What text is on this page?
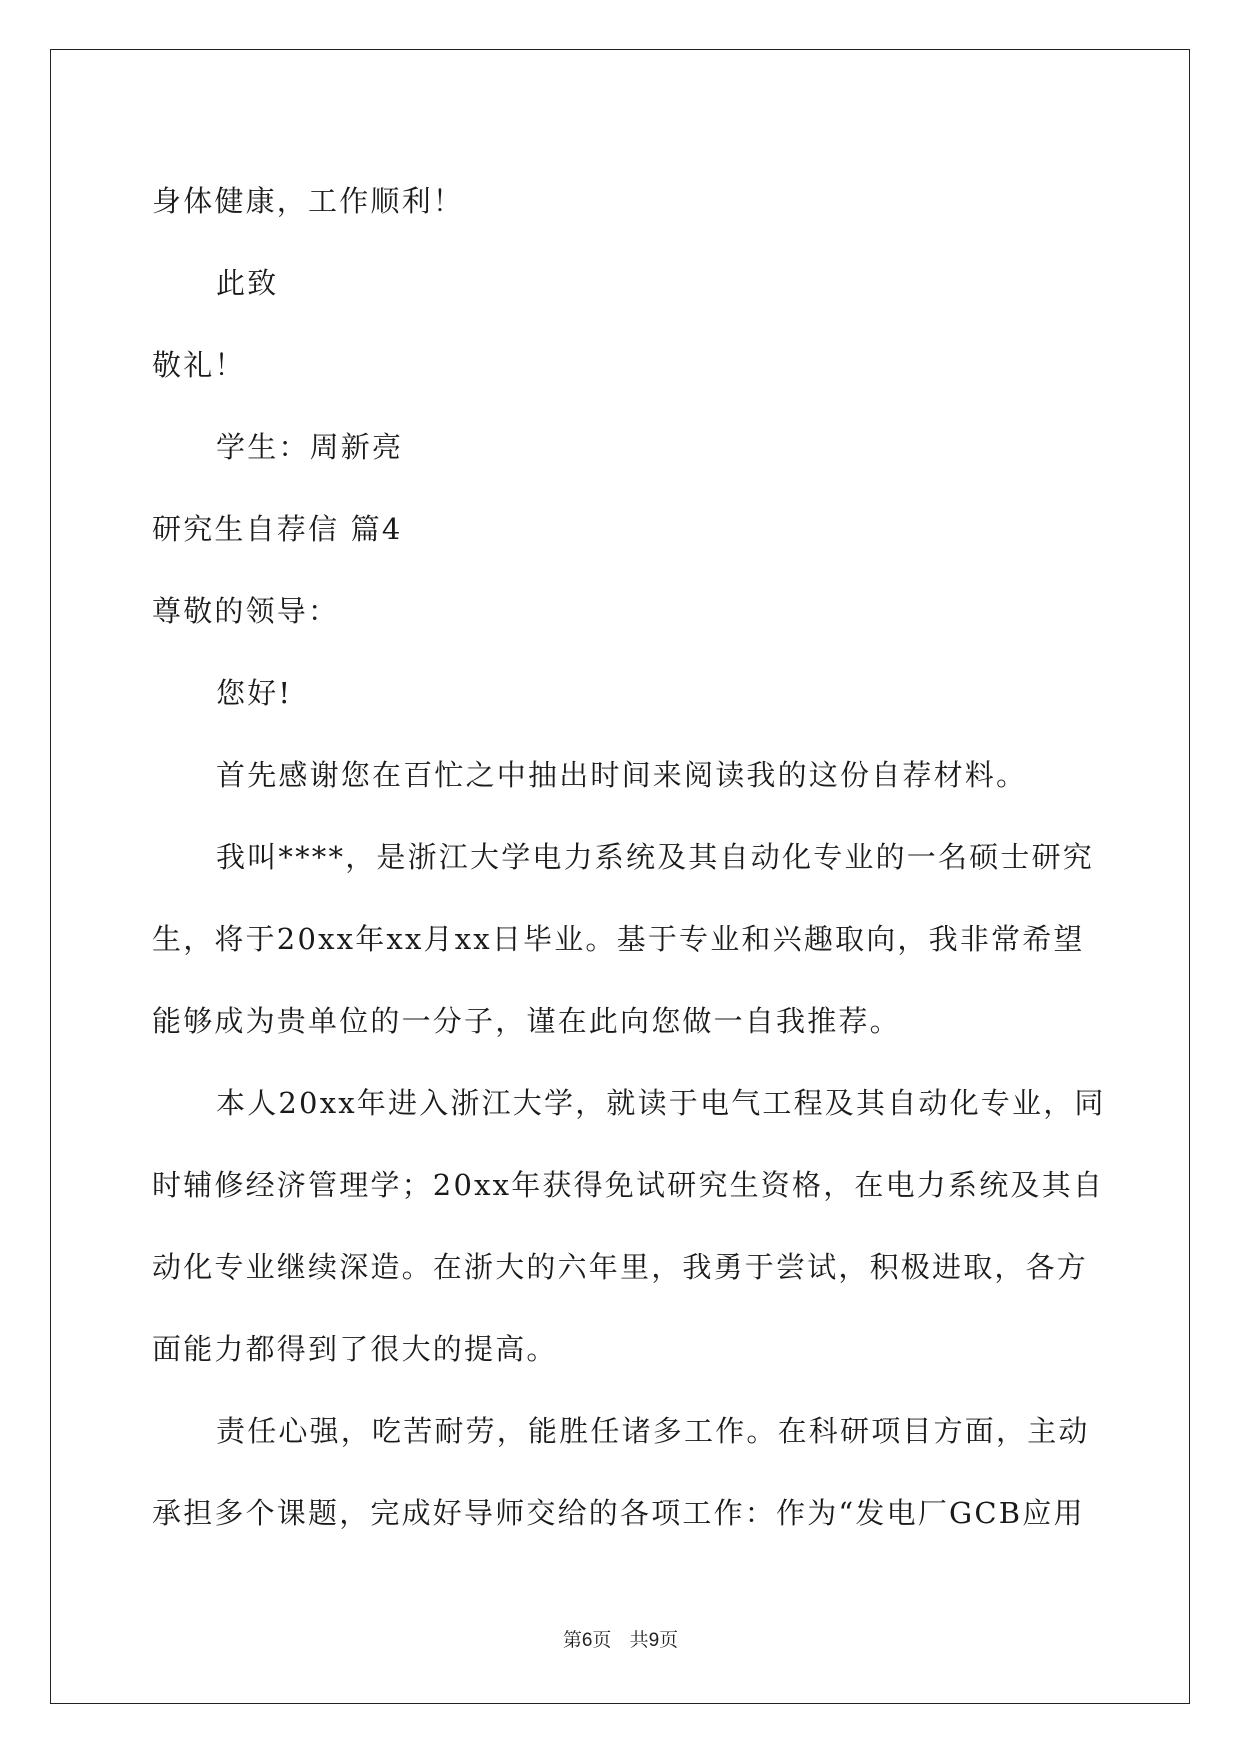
身体健康，工作顺利！
此致
敬礼！
学生：周新亮
研究生自荐信 篇4
尊敬的领导：
您好!
首先感谢您在百忙之中抽出时间来阅读我的这份自荐材料。
我叫****，是浙江大学电力系统及其自动化专业的一名硕士研究
生，将于20xx年xx月xx日毕业。基于专业和兴趣取向，我非常希望
能够成为贵单位的一分子，谨在此向您做一自我推荐。
本人20xx年进入浙江大学，就读于电气工程及其自动化专业，同
时辅修经济管理学；20xx年获得免试研究生资格，在电力系统及其自
动化专业继续深造。在浙大的六年里，我勇于尝试，积极进取，各方
面能力都得到了很大的提高。
责任心强，吃苦耐劳，能胜任诸多工作。在科研项目方面，主动
承担多个课题，完成好导师交给的各项工作：作为“发电厂GCB应用
第6页 共9页
